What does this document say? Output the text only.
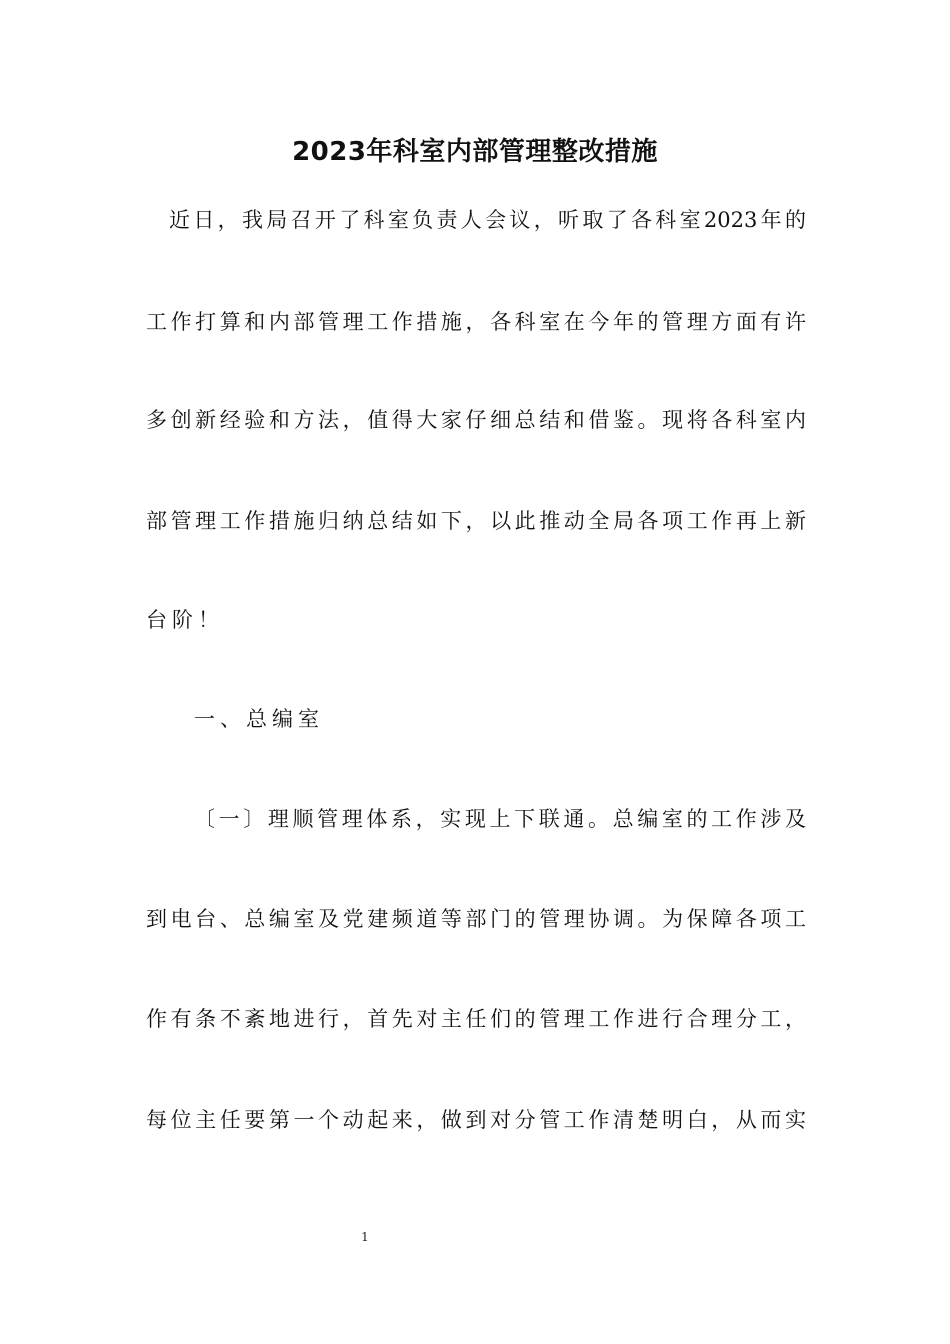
2023年科室内部管理整改措施
近日，我局召开了科室负责人会议，听取了各科室2023年的
工作打算和内部管理工作措施，各科室在今年的管理方面有许
多创新经验和方法，值得大家仔细总结和借鉴。现将各科室内
部管理工作措施归纳总结如下，以此推动全局各项工作再上新
台阶！
一、总编室
〔一〕理顺管理体系，实现上下联通。总编室的工作涉及
到电台、总编室及党建频道等部门的管理协调。为保障各项工
作有条不紊地进行，首先对主任们的管理工作进行合理分工，
每位主任要第一个动起来，做到对分管工作清楚明白，从而实
1
